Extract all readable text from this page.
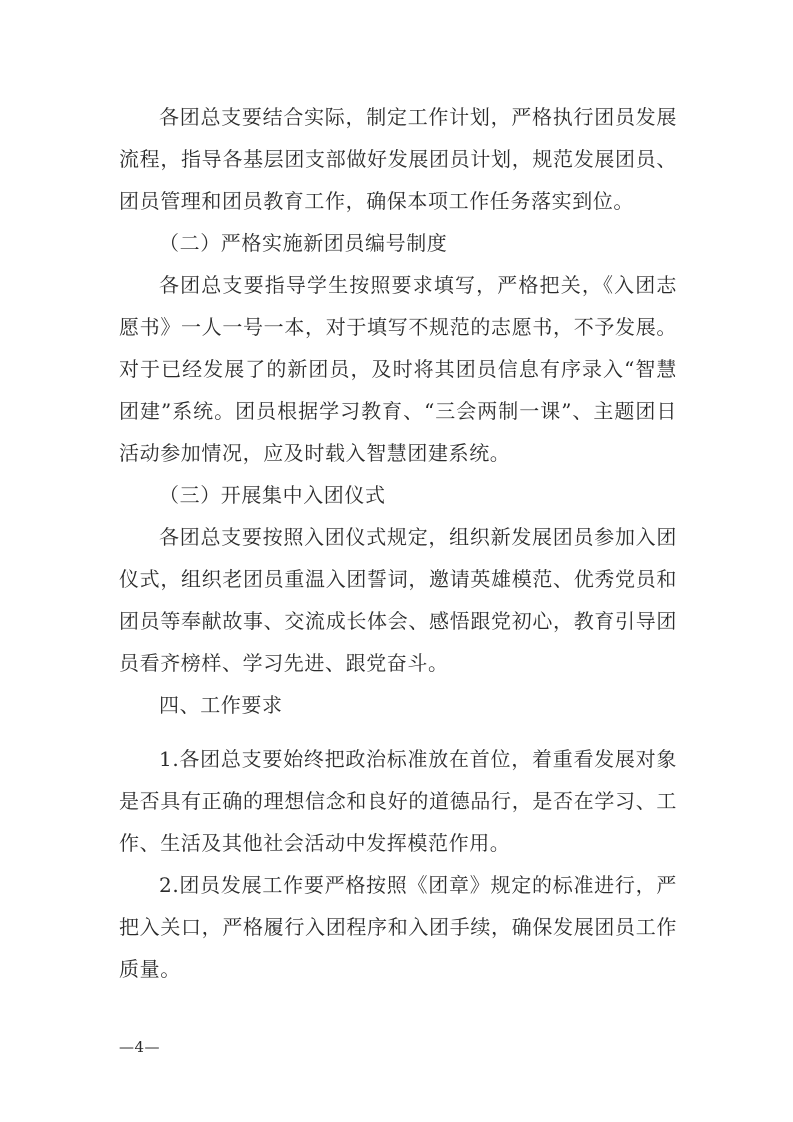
各团总支要结合实际，制定工作计划，严格执行团员发展流程，指导各基层团支部做好发展团员计划，规范发展团员、团员管理和团员教育工作，确保本项工作任务落实到位。

（二）严格实施新团员编号制度

各团总支要指导学生按照要求填写，严格把关，《入团志愿书》一人一号一本，对于填写不规范的志愿书，不予发展。对于已经发展了的新团员，及时将其团员信息有序录入“智慧团建”系统。团员根据学习教育、“三会两制一课”、主题团日活动参加情况，应及时载入智慧团建系统。

（三）开展集中入团仪式

各团总支要按照入团仪式规定，组织新发展团员参加入团仪式，组织老团员重温入团誓词，邀请英雄模范、优秀党员和团员等奉献故事、交流成长体会、感悟跟党初心，教育引导团员看齐榜样、学习先进、跟党奋斗。

四、工作要求

1.各团总支要始终把政治标准放在首位，着重看发展对象是否具有正确的理想信念和良好的道德品行，是否在学习、工作、生活及其他社会活动中发挥模范作用。

2.团员发展工作要严格按照《团章》规定的标准进行，严把入关口，严格履行入团程序和入团手续，确保发展团员工作质量。

—4—
